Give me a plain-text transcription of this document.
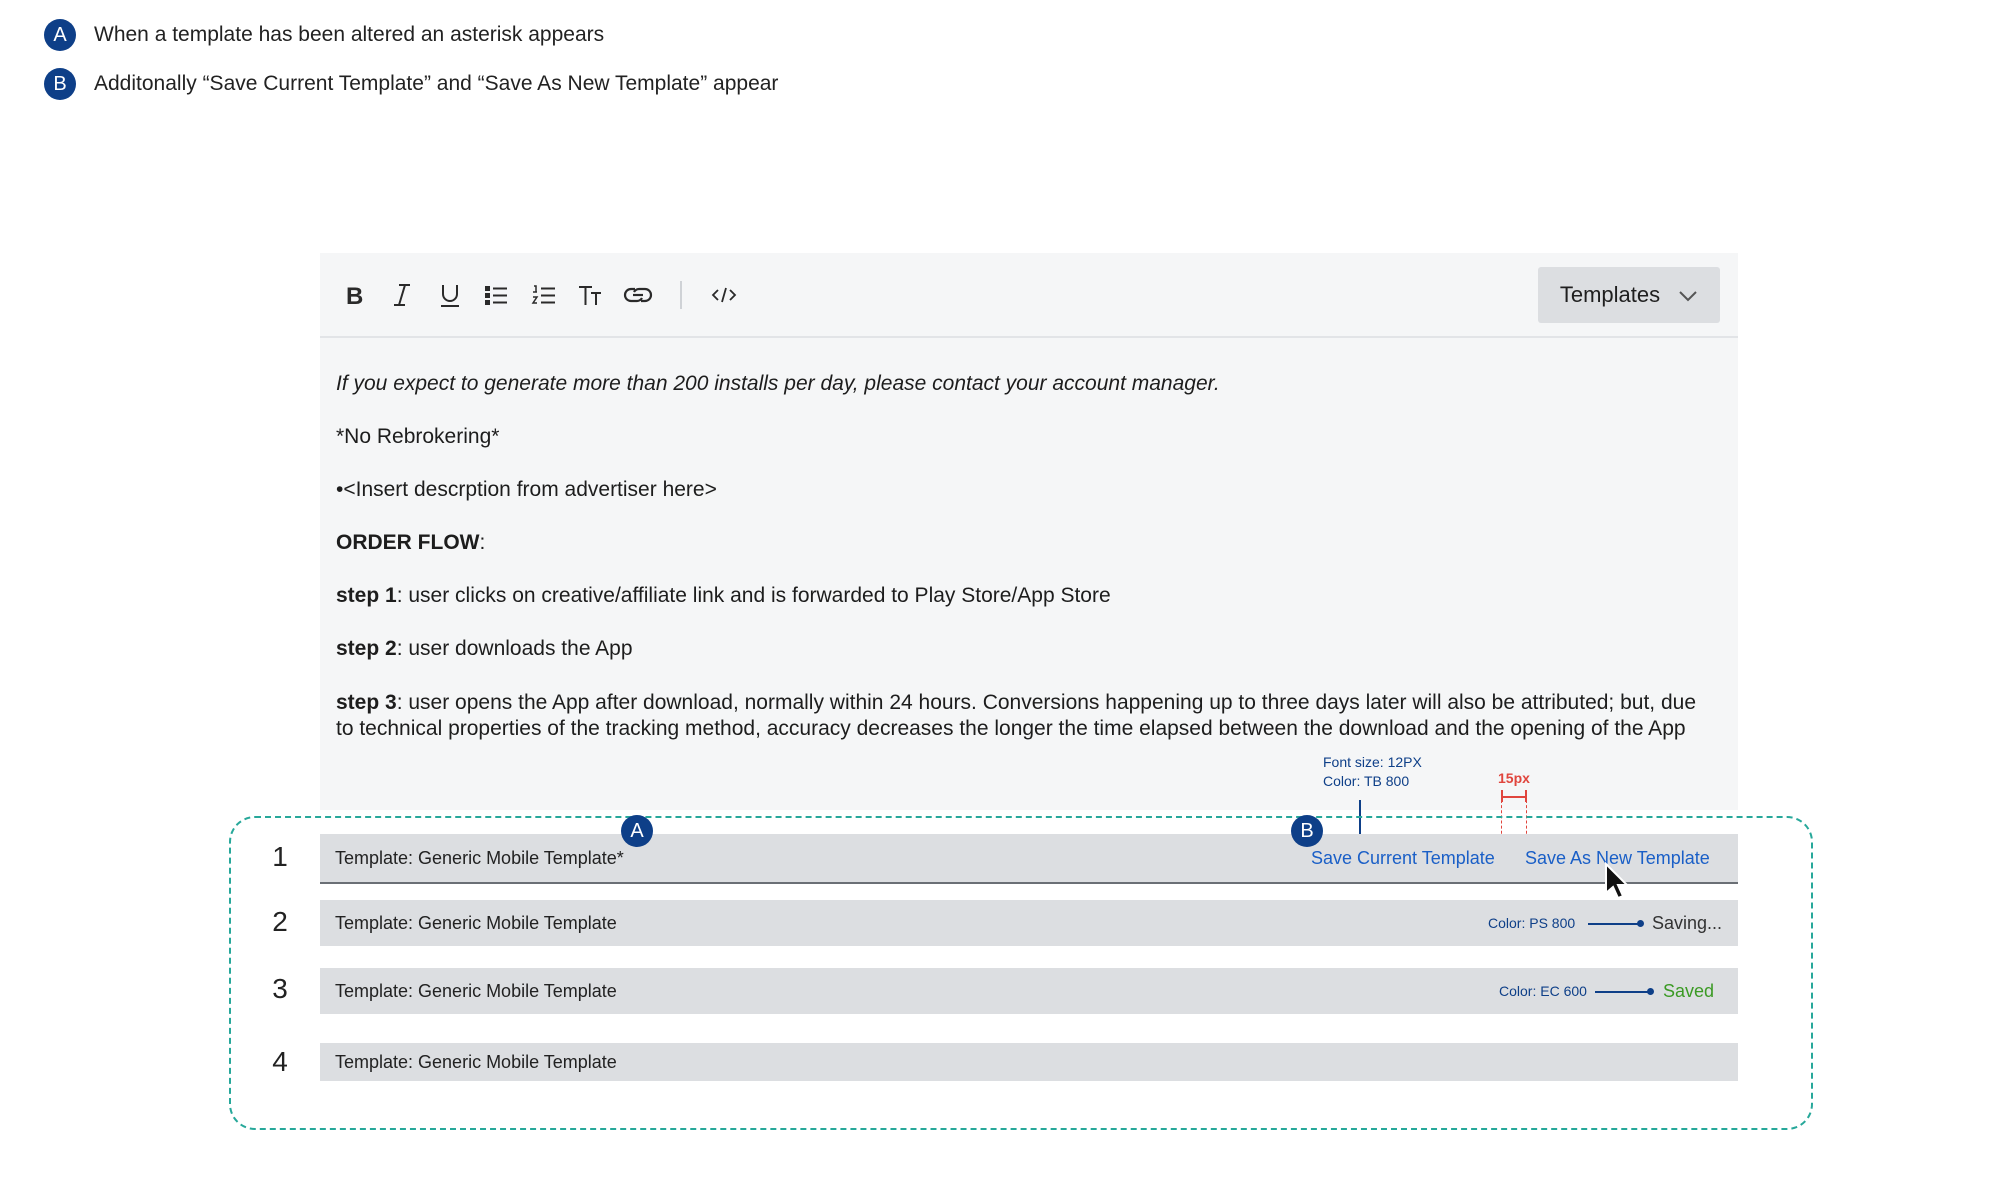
A	When a template has been altered an asterisk appears
B	Additonally “Save Current Template” and “Save As New Template” appear
B	Templates

If you expect to generate more than 200 installs per day, please contact your account manager.

*No Rebrokering*

•<Insert descrption from advertiser here>

ORDER FLOW:

step 1: user clicks on creative/affiliate link and is forwarded to Play Store/App Store

step 2: user downloads the App

step 3: user opens the App after download, normally within 24 hours. Conversions happening up to three days later will also be attributed; but, due to technical properties of the tracking method, accuracy decreases the longer the time elapsed between the download and the opening of the App

Font size: 12PX
Color: TB 800	15px
1	Template: Generic Mobile Template*	Save Current Template Save As New Template
A	B
2	Template: Generic Mobile Template	Color: PS 800	Saving...
3	Template: Generic Mobile Template	Color: EC 600	Saved
4	Template: Generic Mobile Template
